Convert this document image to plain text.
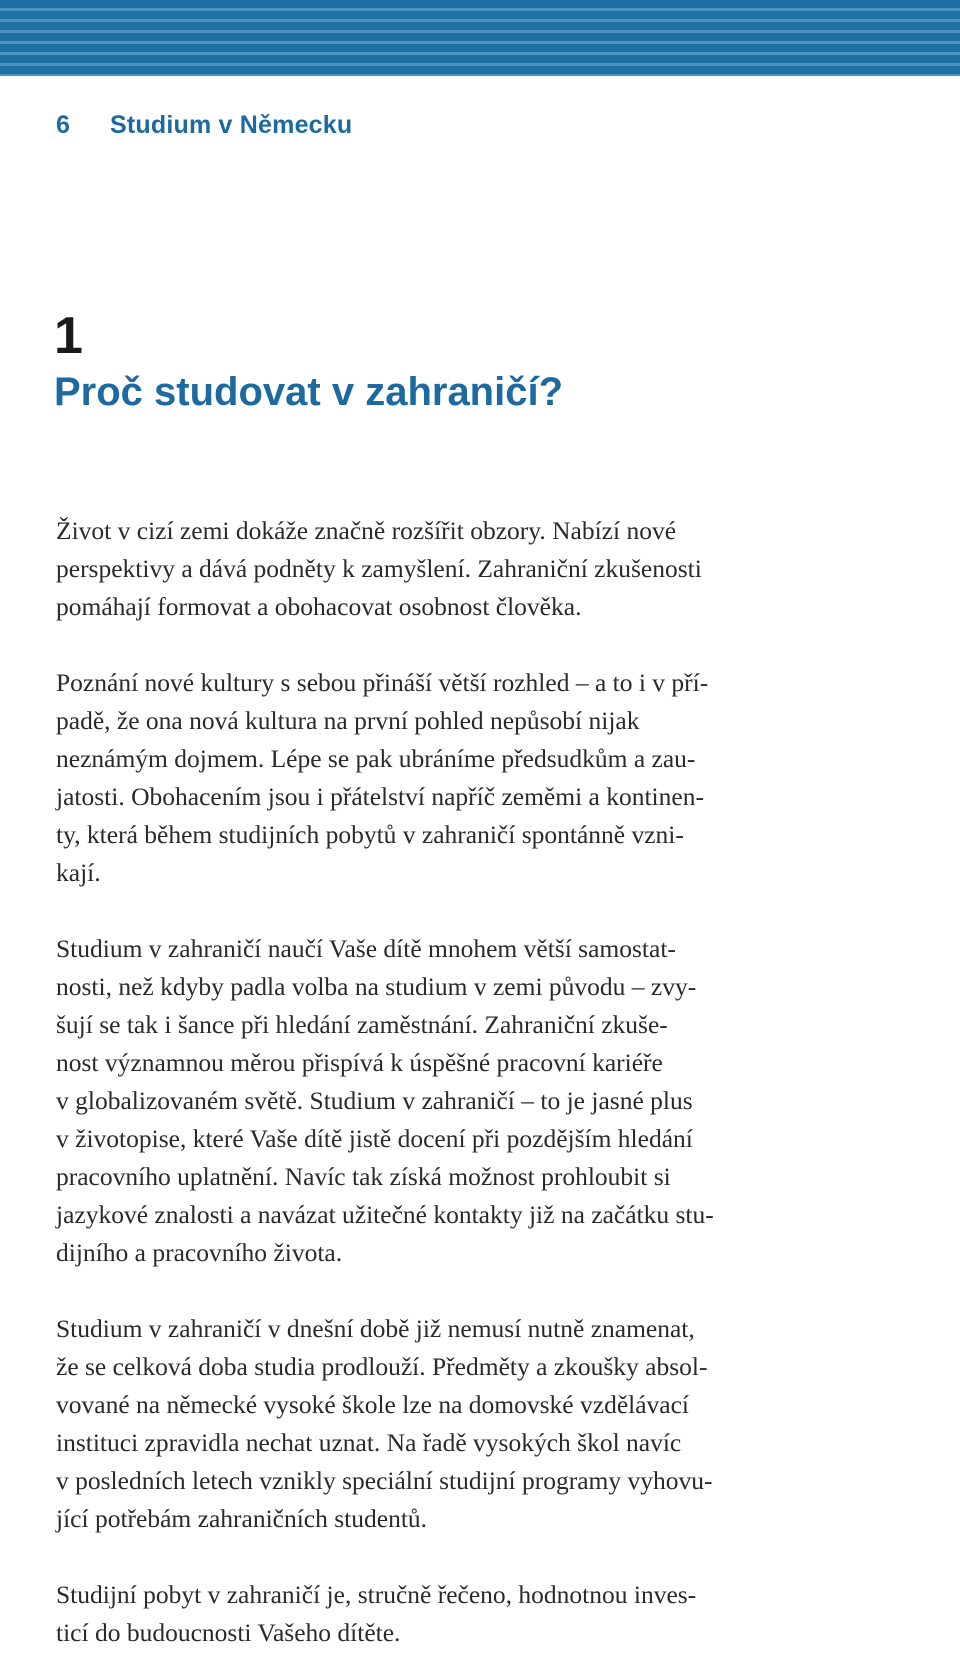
6 Studium v Německu
1
Proč studovat v zahraničí?

Život v cizí zemi dokáže značně rozšířit obzory. Nabízí nové
perspektivy a dává podněty k zamyšlení. Zahraniční zkušenosti
pomáhají formovat a obohacovat osobnost člověka.

Poznání nové kultury s sebou přináší větší rozhled – a to i v pří-
padě, že ona nová kultura na první pohled nepůsobí nijak
neznámým dojmem. Lépe se pak ubráníme předsudkům a zau-
jatosti. Obohacením jsou i přátelství napříč zeměmi a kontinen-
ty, která během studijních pobytů v zahraničí spontánně vzni-
kají.

Studium v zahraničí naučí Vaše dítě mnohem větší samostat-
nosti, než kdyby padla volba na studium v zemi původu – zvy-
šují se tak i šance při hledání zaměstnání. Zahraniční zkuše-
nost významnou měrou přispívá k úspěšné pracovní kariéře
v globalizovaném světě. Studium v zahraničí – to je jasné plus
v životopise, které Vaše dítě jistě docení při pozdějším hledání
pracovního uplatnění. Navíc tak získá možnost prohloubit si
jazykové znalosti a navázat užitečné kontakty již na začátku stu-
dijního a pracovního života.

Studium v zahraničí v dnešní době již nemusí nutně znamenat,
že se celková doba studia prodlouží. Předměty a zkoušky absol-
vované na německé vysoké škole lze na domovské vzdělávací
instituci zpravidla nechat uznat. Na řadě vysokých škol navíc
v posledních letech vznikly speciální studijní programy vyhovu-
jící potřebám zahraničních studentů.

Studijní pobyt v zahraničí je, stručně řečeno, hodnotnou inves-
ticí do budoucnosti Vašeho dítěte.
